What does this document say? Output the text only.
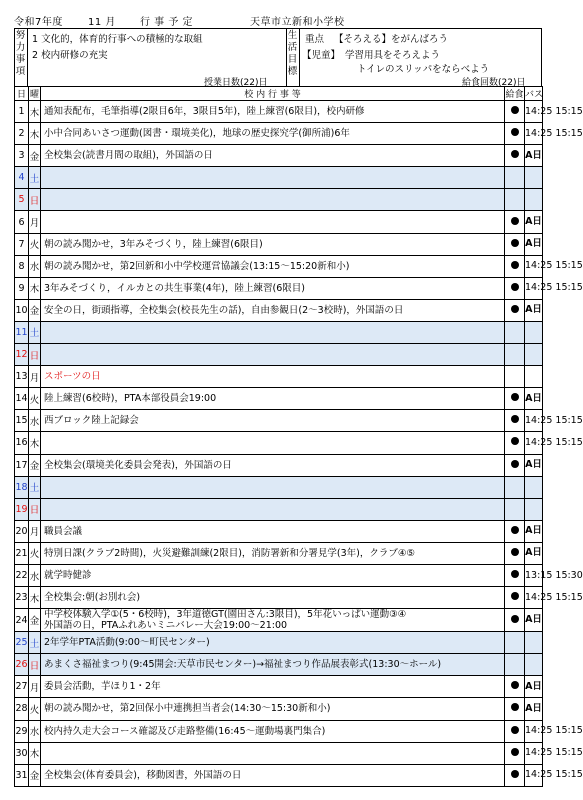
令和7年度	11 月 行 事 予 定	天草市立新和小学校
努
力
事
項
1 文化的，体育的行事への積極的な取組
2 校内研修の充実
授業日数(22)日
生
活
目
標
重点 【そろえる】をがんばろう
【児童】 学習用具をそろえよう
トイレのスリッパをならべよう
給食回数(22)日
日	曜	校 内 行 事 等	給食	バス
1	木	通知表配布，毛筆指導(2限目6年，3限目5年)，陸上練習(6限目)，校内研修		14:25 15:15
2	木	小中合同あいさつ運動(図書・環境美化)，地球の歴史探究学(御所浦)6年		14:25 15:15
3	金	全校集会(読書月間の取組)，外国語の日		A日
4	土	

5	日	

6	月			A日
7	火	朝の読み聞かせ，3年みそづくり，陸上練習(6限目)		A日
8	水	朝の読み聞かせ，第2回新和小中学校運営協議会(13:15～15:20新和小)		14:25 15:15
9	木	3年みそづくり，イルカとの共生事業(4年)，陸上練習(6限目)		14:25 15:15
10	金	安全の日，街頭指導，全校集会(校長先生の話)，自由参観日(2～3校時)，外国語の日		A日
11	土	

12	日	

13	月	スポーツの日		

14	火	陸上練習(6校時)，PTA本部役員会19:00		A日
15	水	西ブロック陸上記録会		14:25 15:15
16	木			14:25 15:15
17	金	全校集会(環境美化委員会発表)，外国語の日		A日
18	土	

19	日	

20	月	職員会議		A日
21	火	特別日課(クラブ2時間)，火災避難訓練(2限目)，消防署新和分署見学(3年)，クラブ④⑤		A日
22	水	就学時健診		13:15 15:30
23	木	全校集会:朝(お別れ会)		14:25 15:15
24	金	中学校体験入学①(5・6校時)，3年道徳GT(園田さん:3限目)，5年花いっぱい運動③④
外国語の日，PTAふれあいミニバレー大会19:00～21:00		A日
25	土	2年学年PTA活動(9:00～町民センター)		

26	日	あまくさ福祉まつり(9:45開会:天草市民センター)→福祉まつり作品展表彰式(13:30～ホール)		

27	月	委員会活動，芋ほり1・2年		A日
28	火	朝の読み聞かせ，第2回保小中連携担当者会(14:30～15:30新和小)		A日
29	水	校内持久走大会コース確認及び走路整備(16:45～運動場裏門集合)		14:25 15:15
30	木			14:25 15:15
31	金	全校集会(体育委員会)，移動図書，外国語の日		14:25 15:15
